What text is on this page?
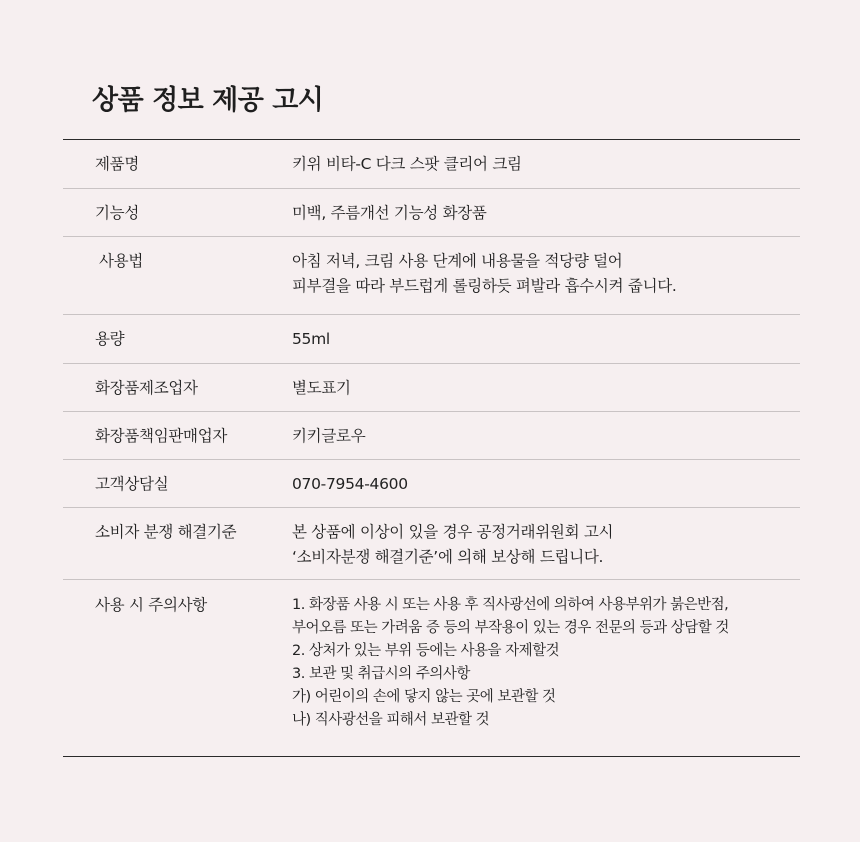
상품 정보 제공 고시
제품명	키위 비타-C 다크 스팟 클리어 크림
기능성	미백, 주름개선 기능성 화장품
사용법	아침 저녁, 크림 사용 단계에 내용물을 적당량 덜어
피부결을 따라 부드럽게 롤링하듯 펴발라 흡수시켜 줍니다.
용량	55ml
화장품제조업자	별도표기
화장품책임판매업자	키키글로우
고객상담실	070-7954-4600
소비자 분쟁 해결기준	본 상품에 이상이 있을 경우 공정거래위원회 고시
‘소비자분쟁 해결기준’에 의해 보상해 드립니다.
사용 시 주의사항	1. 화장품 사용 시 또는 사용 후 직사광선에 의하여 사용부위가 붉은반점,
부어오름 또는 가려움 증 등의 부작용이 있는 경우 전문의 등과 상담할 것
2. 상처가 있는 부위 등에는 사용을 자제할것
3. 보관 및 취급시의 주의사항
가) 어린이의 손에 닿지 않는 곳에 보관할 것
나) 직사광선을 피해서 보관할 것
